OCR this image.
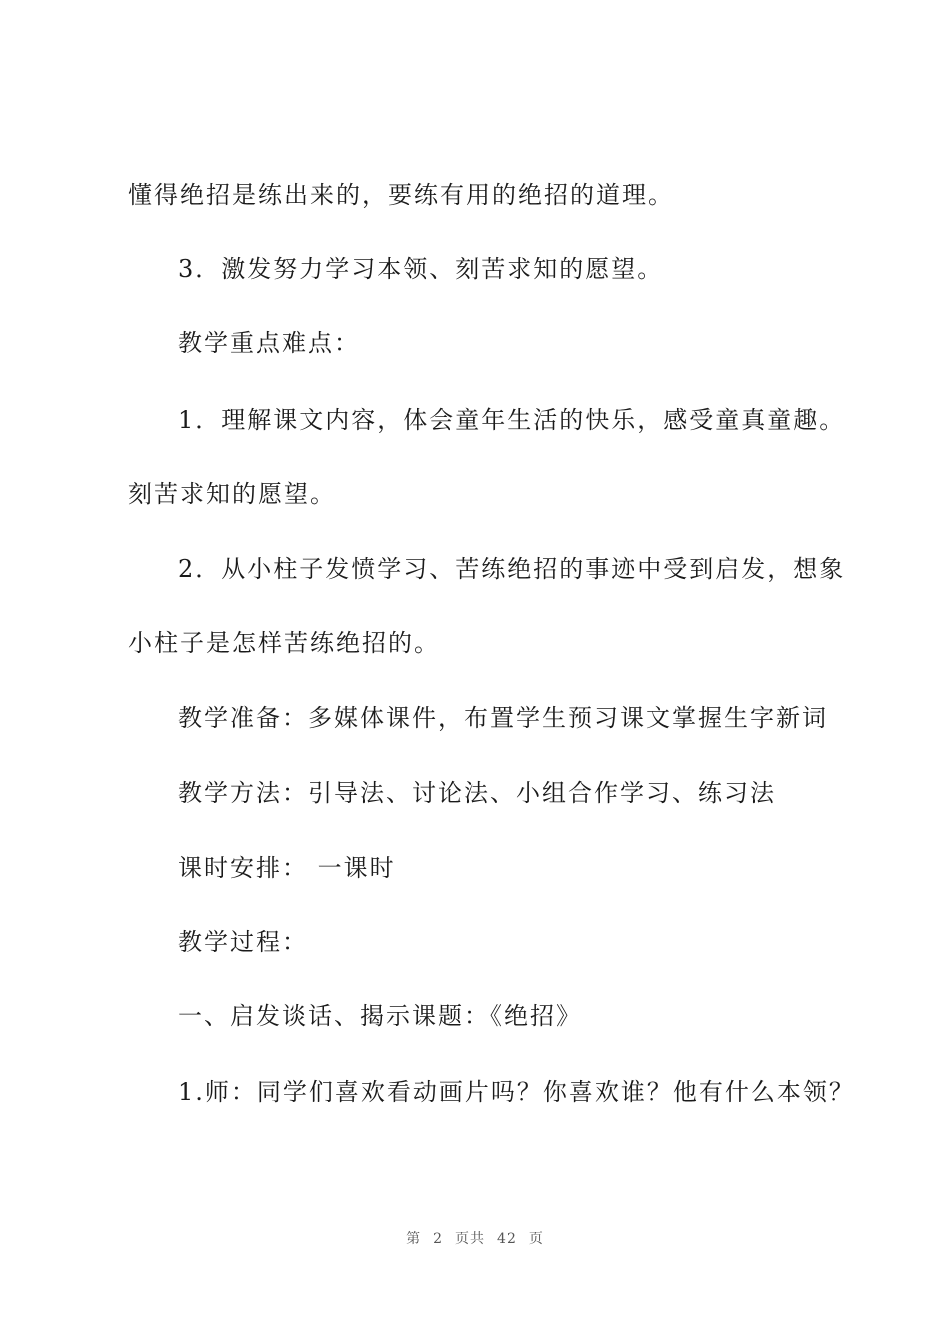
懂得绝招是练出来的，要练有用的绝招的道理。
3．激发努力学习本领、刻苦求知的愿望。
教学重点难点：
1．理解课文内容，体会童年生活的快乐，感受童真童趣。
刻苦求知的愿望。
2．从小柱子发愤学习、苦练绝招的事迹中受到启发，想象
小柱子是怎样苦练绝招的。
教学准备：多媒体课件，布置学生预习课文掌握生字新词
教学方法：引导法、讨论法、小组合作学习、练习法
课时安排： 一课时
教学过程：
一、启发谈话、揭示课题：《绝招》
1.师：同学们喜欢看动画片吗？你喜欢谁？他有什么本领？
第 2 页共 42 页
